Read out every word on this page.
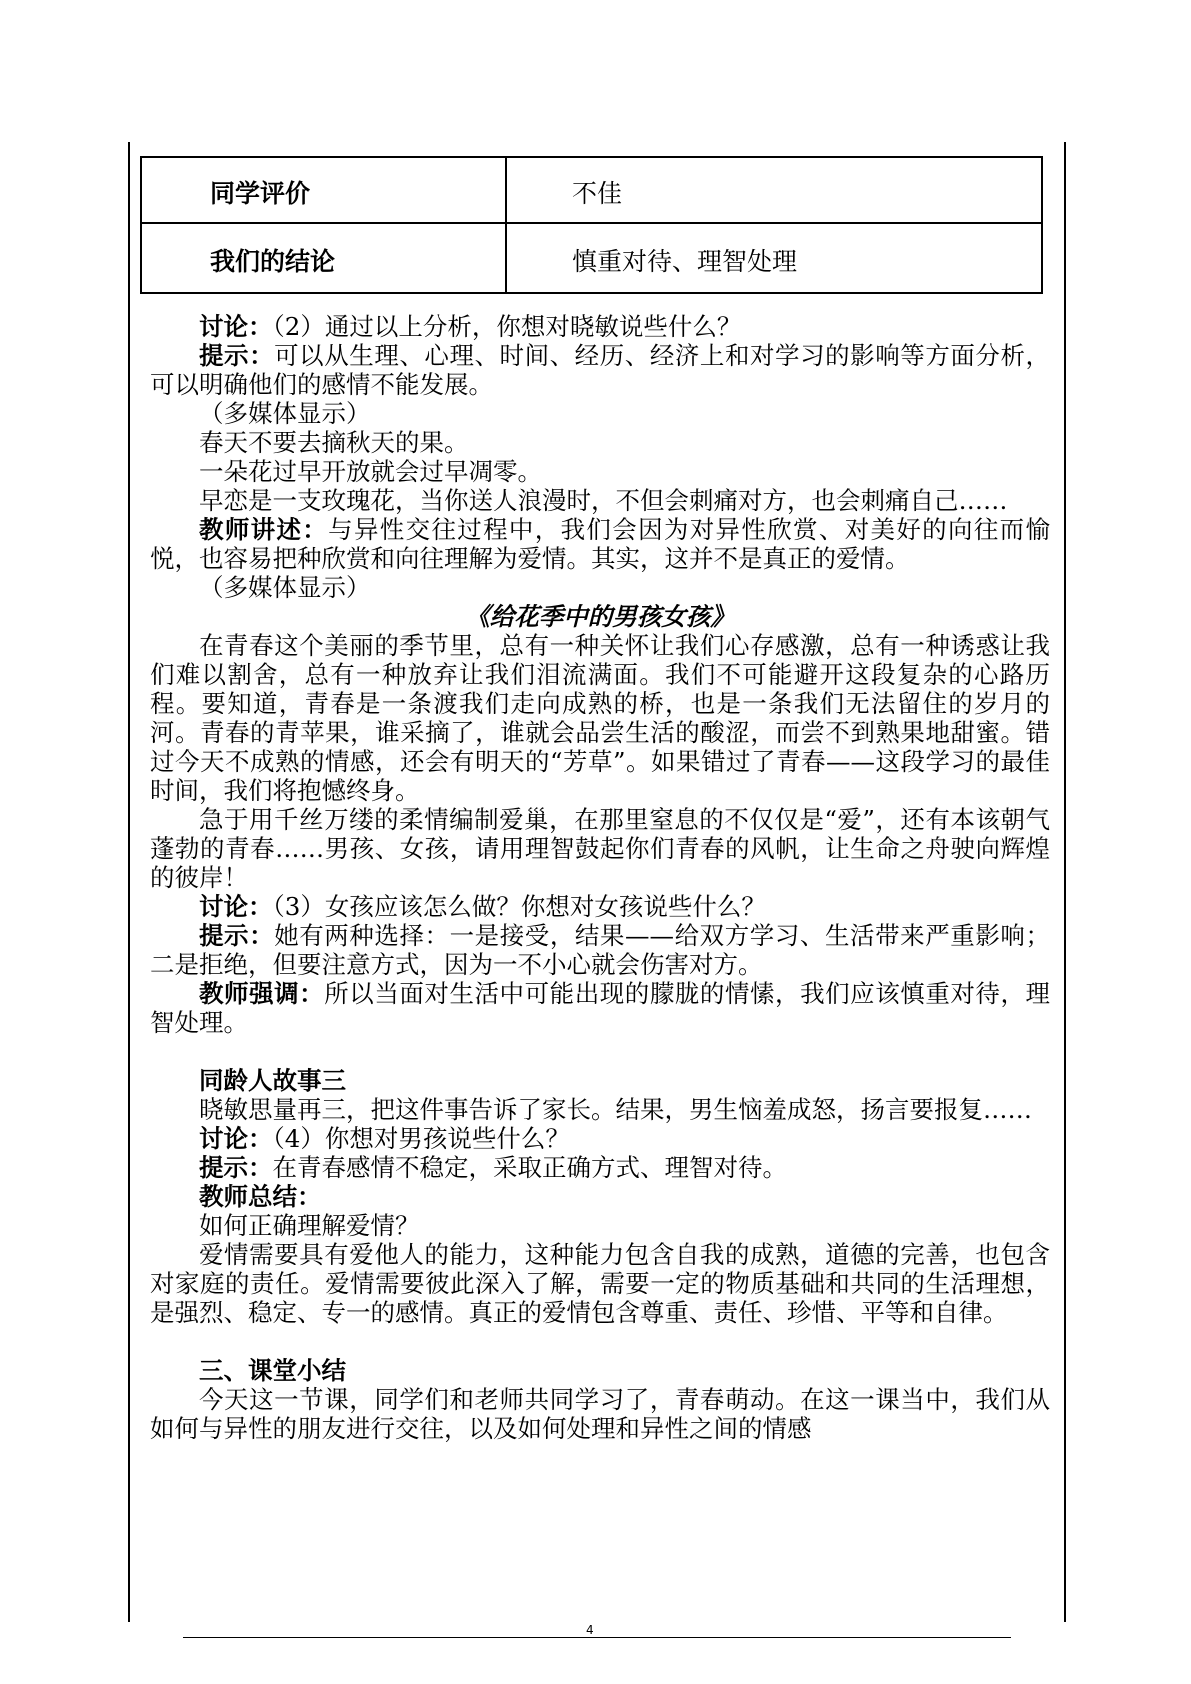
同学评价	不佳
我们的结论	慎重对待、理智处理

讨论：（2）通过以上分析，你想对晓敏说些什么？

提示：可以从生理、心理、时间、经历、经济上和对学习的影响等方面分析，可以明确他们的感情不能发展。

（多媒体显示）

春天不要去摘秋天的果。

一朵花过早开放就会过早凋零。

早恋是一支玫瑰花，当你送人浪漫时，不但会刺痛对方，也会刺痛自己……

教师讲述：与异性交往过程中，我们会因为对异性欣赏、对美好的向往而愉悦，也容易把种欣赏和向往理解为爱情。其实，这并不是真正的爱情。

（多媒体显示）

《给花季中的男孩女孩》

在青春这个美丽的季节里，总有一种关怀让我们心存感激，总有一种诱惑让我们难以割舍，总有一种放弃让我们泪流满面。我们不可能避开这段复杂的心路历程。要知道，青春是一条渡我们走向成熟的桥，也是一条我们无法留住的岁月的河。青春的青苹果，谁采摘了，谁就会品尝生活的酸涩，而尝不到熟果地甜蜜。错过今天不成熟的情感，还会有明天的“芳草”。如果错过了青春——这段学习的最佳时间，我们将抱憾终身。

急于用千丝万缕的柔情编制爱巢，在那里窒息的不仅仅是“爱”，还有本该朝气蓬勃的青春……男孩、女孩，请用理智鼓起你们青春的风帆，让生命之舟驶向辉煌的彼岸！

讨论：（3）女孩应该怎么做？你想对女孩说些什么？

提示：她有两种选择：一是接受，结果——给双方学习、生活带来严重影响；二是拒绝，但要注意方式，因为一不小心就会伤害对方。

教师强调：所以当面对生活中可能出现的朦胧的情愫，我们应该慎重对待，理智处理。

同龄人故事三

晓敏思量再三，把这件事告诉了家长。结果，男生恼羞成怒，扬言要报复……

讨论：（4）你想对男孩说些什么？

提示：在青春感情不稳定，采取正确方式、理智对待。

教师总结：

如何正确理解爱情？

爱情需要具有爱他人的能力，这种能力包含自我的成熟，道德的完善，也包含对家庭的责任。爱情需要彼此深入了解，需要一定的物质基础和共同的生活理想，是强烈、稳定、专一的感情。真正的爱情包含尊重、责任、珍惜、平等和自律。

三、课堂小结

今天这一节课，同学们和老师共同学习了，青春萌动。在这一课当中，我们从如何与异性的朋友进行交往，以及如何处理和异性之间的情感

4
